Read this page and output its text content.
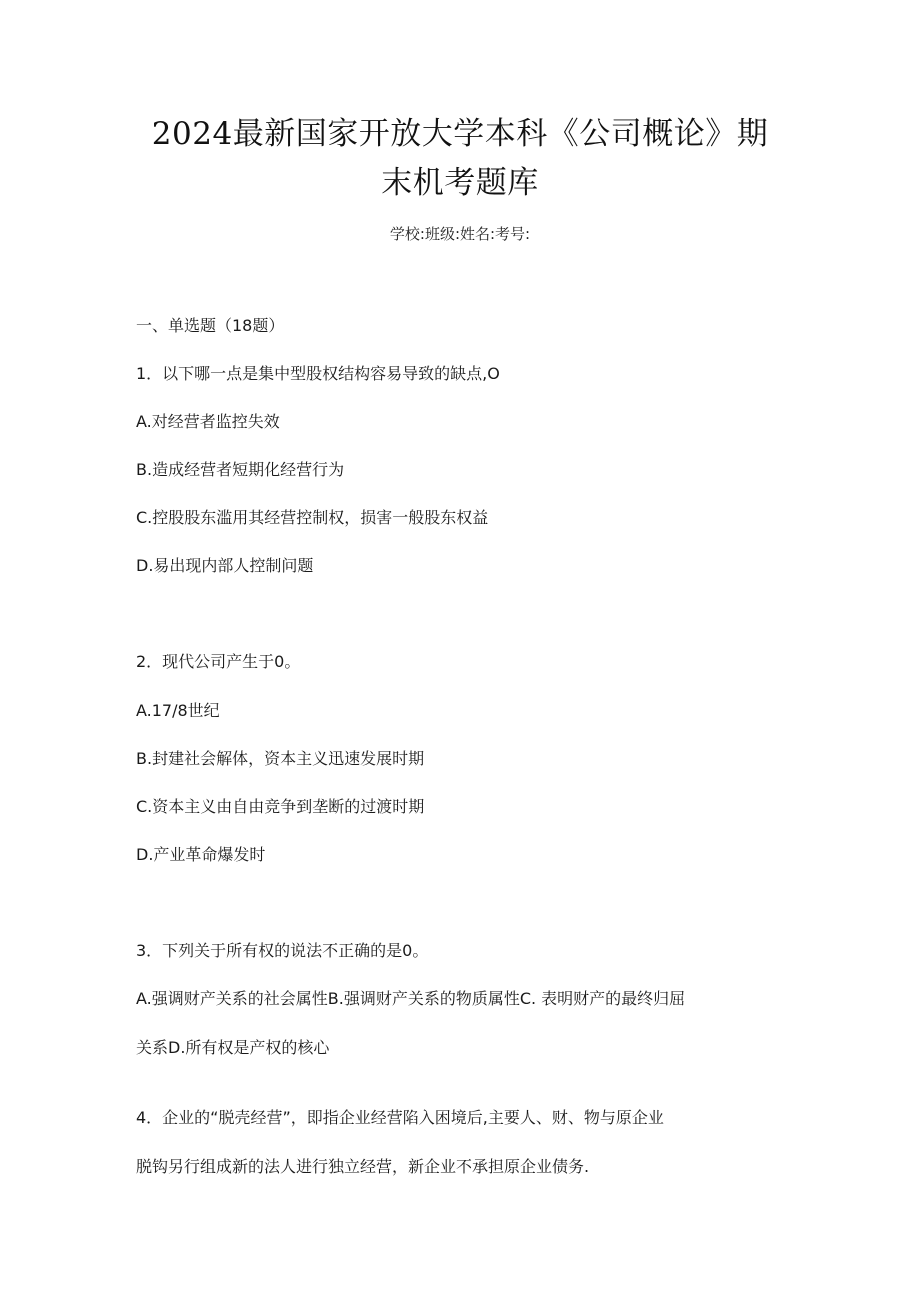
2024最新国家开放大学本科《公司概论》期
末机考题库
学校:班级:姓名:考号:
一、单选题（18题）
1．以下哪一点是集中型股权结构容易导致的缺点,O
A.对经营者监控失效
B.造成经营者短期化经营行为
C.控股股东滥用其经营控制权，损害一般股东权益
D.易出现内部人控制问题
2．现代公司产生于0。
A.17/8世纪
B.封建社会解体，资本主义迅速发展时期
C.资本主义由自由竞争到垄断的过渡时期
D.产业革命爆发时
3．下列关于所有权的说法不正确的是0。
A.强调财产关系的社会属性B.强调财产关系的物质属性C. 表明财产的最终归屈
关系D.所有权是产权的核心
4．企业的“脱壳经营”，即指企业经营陷入困境后,主要人、财、物与原企业
脱钩另行组成新的法人进行独立经营，新企业不承担原企业债务.
